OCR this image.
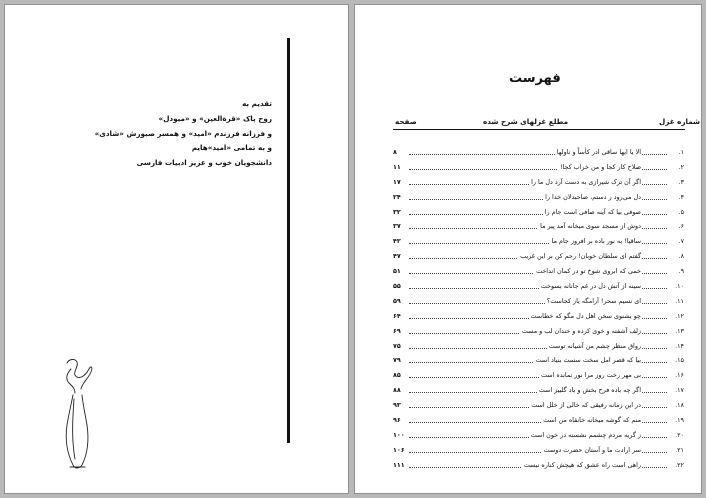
تقدیم به
روح پاک «قرة‌العین» و «میودل»
و فرزانه فرزندم «امید» و همسر صبورش «شادی»
و به تمامی «امید»هایم
دانشجویان خوب و عزیز ادبیات فارسی
فهرست
شماره غزل
مطلع غزلهای شرح شده
صفحه
۱.
الا یا ایها ساقی ادر کأساً و ناولها
۸
۲.
صلاح کار کجا و من خراب کجا!
۱۱
۳.
اگر آن ترک شیرازی به دست آرد دل ما را
۱۷
۴.
دل می‌رود ز دستم، صاحبدلان خدا را
۲۴
۵.
صوفی بیا که آینه صافی است جام را
۳۲
۶.
دوش از مسجد سوی میخانه آمد پیر ما
۳۷
۷.
ساقیا! به نور باده بر افروز جام ما
۴۲
۸.
گفتم ای سلطان خوبان! رحم کن بر این غریب
۴۷
۹.
خمی که ابروی شوخ تو در کمان انداخت
۵۱
۱۰.
سینه از آتش دل در غم جانانه بسوخت
۵۵
۱۱.
ای نسیم سحر! آرامگه یار کجاست؟
۵۹
۱۲.
چو بشنوی سخن اهل دل مگو که خطاست
۶۴
۱۳.
زلف آشفته و خوی کرده و خندان لب و مست
۶۹
۱۴.
رواق منظر چشم من آشیانه توست
۷۵
۱۵.
بیا که قصر امل سخت سست بنیاد است
۷۹
۱۶.
بی مهر رخت روز مرا نور نمانده است
۸۵
۱۷.
اگر چه باده فرح بخش و باد گلبیز است
۸۸
۱۸.
در این زمانه رفیقی که خالی از خلل است
۹۳
۱۹.
منم که گوشه میخانه خانقاه من است
۹۶
۲۰.
ز گریه مردم چشمم نشسته در خون است
۱۰۰
۲۱.
سر ارادت ما و آستان حضرت دوست
۱۰۶
۲۲.
راهی است راه عشق که هیچش کناره نیست
۱۱۱
